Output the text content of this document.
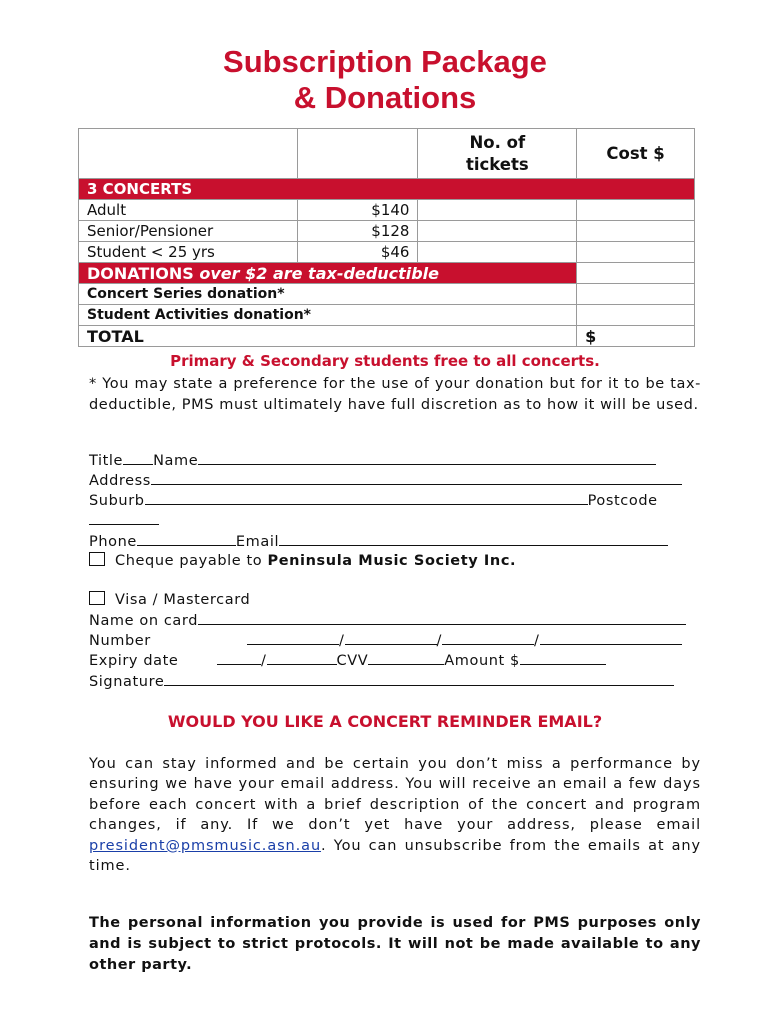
Subscription Package
& Donations
		No. of
tickets	Cost $
3 CONCERTS			
Adult	$140		
Senior/Pensioner	$128		
Student < 25 yrs	$46		
DONATIONS over $2 are tax-deductible			
Concert Series donation*			
Student Activities donation*			
TOTAL			$
Primary & Secondary students free to all concerts.
* You may state a preference for the use of your donation but for it to be tax-deductible, PMS must ultimately have full discretion as to how it will be used.
Title Name
Address
Suburb	Postcode
Phone	Email
Cheque payable to Peninsula Music Society Inc.
Visa / Mastercard
Name on card
Number	/	/	/
Expiry date	/	CVV	Amount $
Signature
WOULD YOU LIKE A CONCERT REMINDER EMAIL?
You can stay informed and be certain you don’t miss a performance by ensuring we have your email address. You will receive an email a few days before each concert with a brief description of the concert and program changes, if any. If we don’t yet have your address, please email president@pmsmusic.asn.au. You can unsubscribe from the emails at any time.
The personal information you provide is used for PMS purposes only and is subject to strict protocols. It will not be made available to any other party.
